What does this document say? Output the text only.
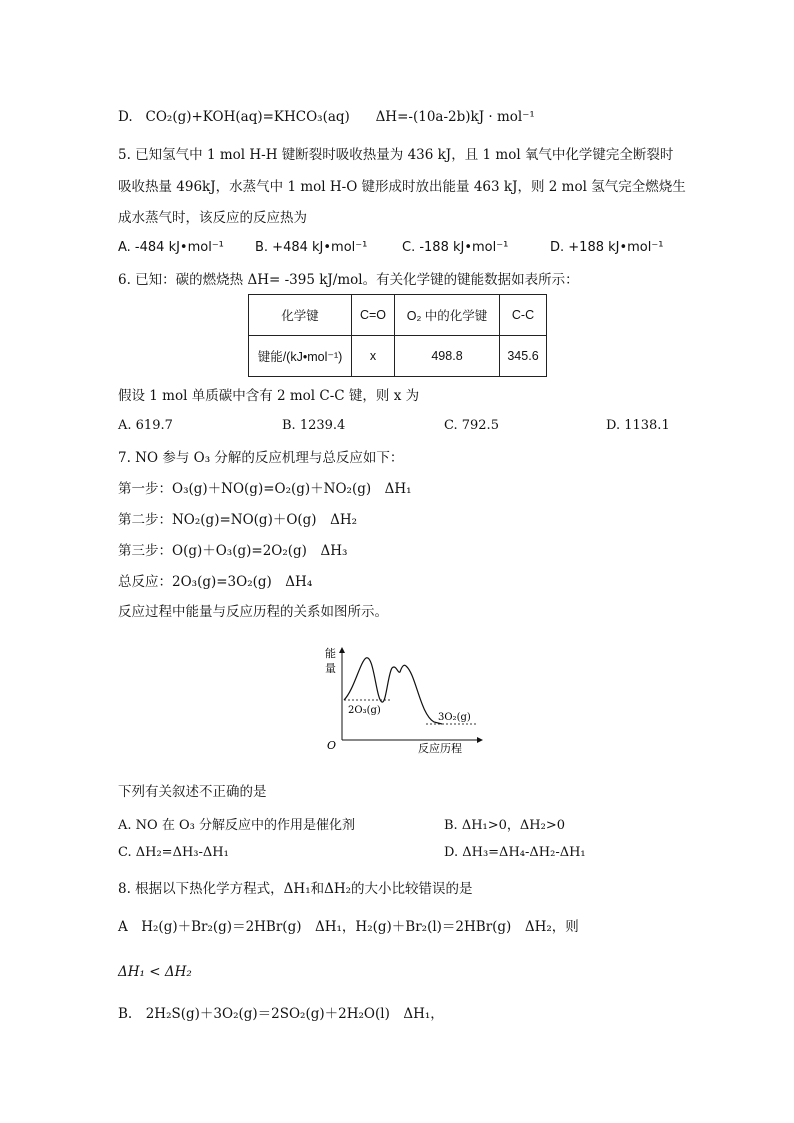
D. CO₂(g)+KOH(aq)=KHCO₃(aq) ΔH=-(10a-2b)kJ · mol⁻¹
5. 已知氢气中 1 mol H-H 键断裂时吸收热量为 436 kJ，且 1 mol 氧气中化学键完全断裂时
吸收热量 496kJ，水蒸气中 1 mol H-O 键形成时放出能量 463 kJ，则 2 mol 氢气完全燃烧生
成水蒸气时，该反应的反应热为
A. -484 kJ•mol⁻¹ B. +484 kJ•mol⁻¹	C. -188 kJ•mol⁻¹	D. +188 kJ•mol⁻¹
6. 已知：碳的燃烧热 ΔH= -395 kJ/mol。有关化学键的键能数据如表所示：
化学键	C=O	O₂ 中的化学键	C-C
键能/(kJ•mol⁻¹)	x	498.8	345.6
假设 1 mol 单质碳中含有 2 mol C-C 键，则 x 为
A. 619.7	B. 1239.4	C. 792.5	D. 1138.1
7. NO 参与 O₃ 分解的反应机理与总反应如下：
第一步：O₃(g)＋NO(g)=O₂(g)＋NO₂(g)　ΔH₁
第二步：NO₂(g)=NO(g)＋O(g)　ΔH₂
第三步：O(g)＋O₃(g)=2O₂(g)　ΔH₃
总反应：2O₃(g)=3O₂(g)　ΔH₄
反应过程中能量与反应历程的关系如图所示。
能
O	反应历程
2O₃(g)
3O₂(g)
量
下列有关叙述不正确的是
A. NO 在 O₃ 分解反应中的作用是催化剂	B. ΔH₁>0，ΔH₂>0
C. ΔH₂=ΔH₃-ΔH₁	D. ΔH₃=ΔH₄-ΔH₂-ΔH₁
8. 根据以下热化学方程式，ΔH₁和ΔH₂的大小比较错误的是
A　H₂(g)＋Br₂(g)＝2HBr(g)　ΔH₁，H₂(g)＋Br₂(l)＝2HBr(g)　ΔH₂，则
ΔH₁ < ΔH₂
B.　2H₂S(g)＋3O₂(g)＝2SO₂(g)＋2H₂O(l)　ΔH₁，
